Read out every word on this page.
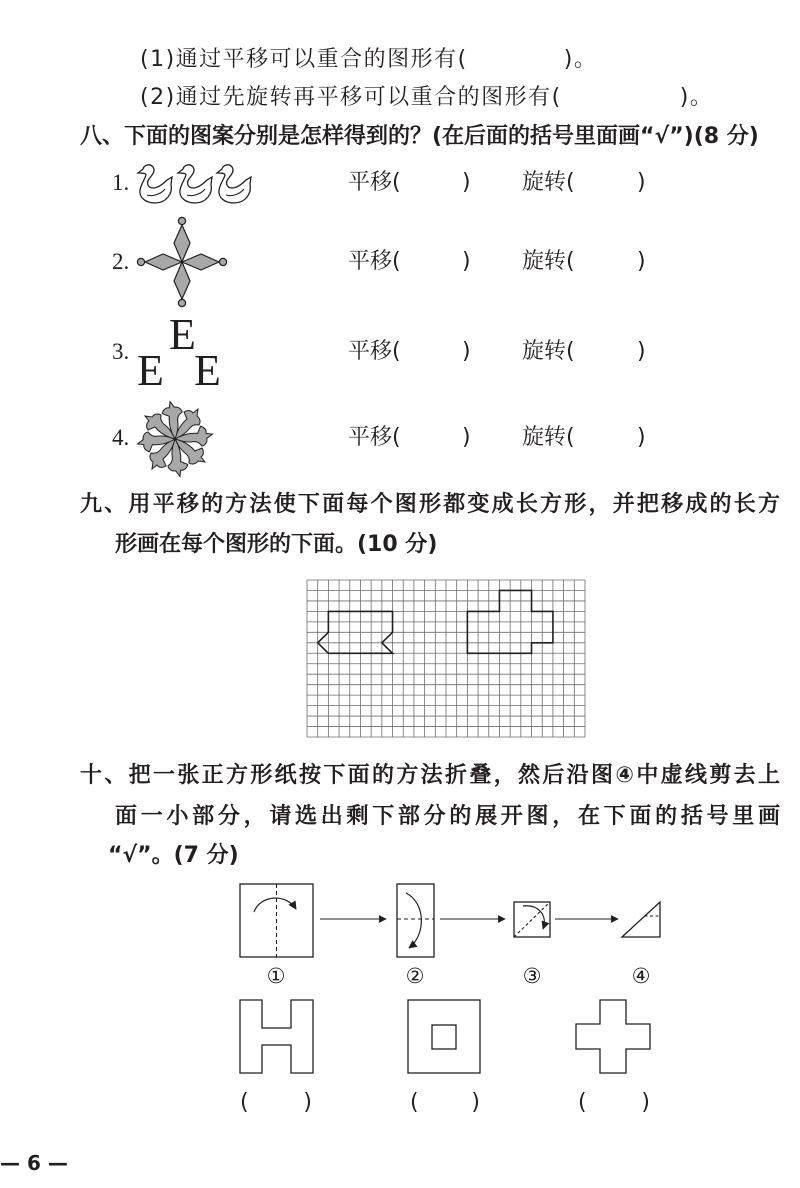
(1)通过平移可以重合的图形有(	)。
(2)通过先旋转再平移可以重合的图形有(	)。
八、下面的图案分别是怎样得到的？(在后面的括号里面画“√”)(8 分)
1.	平移(	) 旋转(	)
2.	平移(	) 旋转(	)
3.	平移(	) 旋转(	)
4.	平移(	) 旋转(	)
E
E E
九、用平移的方法使下面每个图形都变成长方形，并把移成的长方
形画在每个图形的下面。(10 分)
十、把一张正方形纸按下面的方法折叠，然后沿图④中虚线剪去上
面一小部分，请选出剩下部分的展开图，在下面的括号里画
“√”。(7 分)
①	②	③	④
( )	( )	( )
— 6 —
